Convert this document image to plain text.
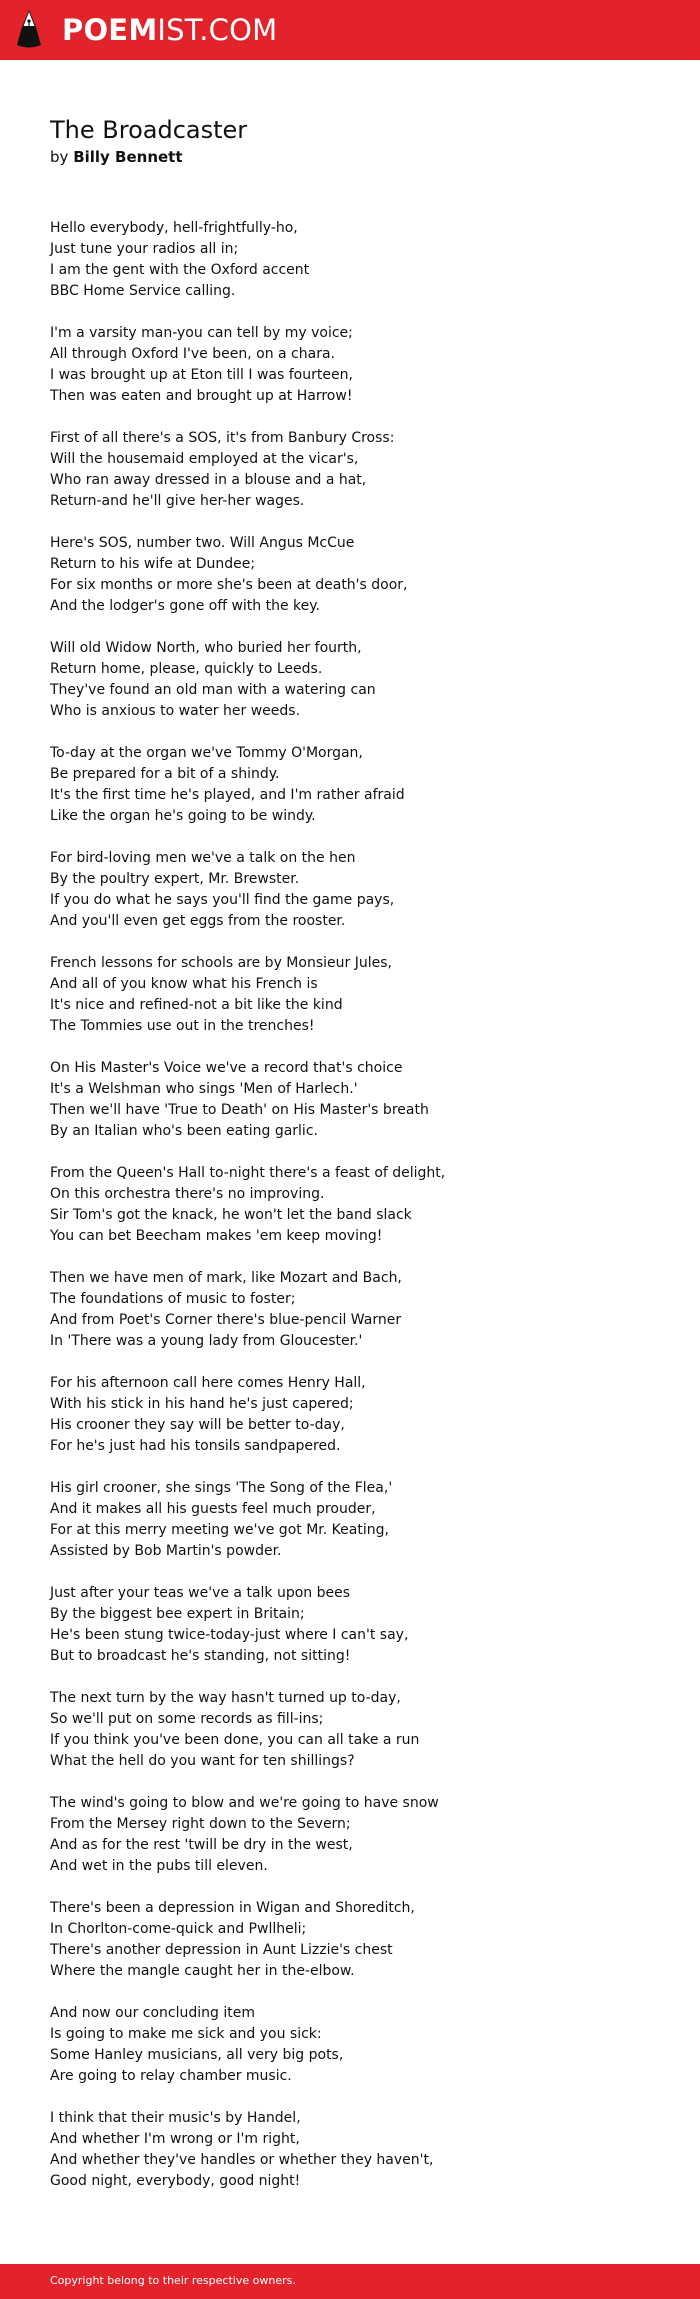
POEMIST.COM
The Broadcaster
by Billy Bennett
Hello everybody, hell-frightfully-ho,
Just tune your radios all in;
I am the gent with the Oxford accent
BBC Home Service calling.
I'm a varsity man-you can tell by my voice;
All through Oxford I've been, on a chara.
I was brought up at Eton till I was fourteen,
Then was eaten and brought up at Harrow!
First of all there's a SOS, it's from Banbury Cross:
Will the housemaid employed at the vicar's,
Who ran away dressed in a blouse and a hat,
Return-and he'll give her-her wages.
Here's SOS, number two. Will Angus McCue
Return to his wife at Dundee;
For six months or more she's been at death's door,
And the lodger's gone off with the key.
Will old Widow North, who buried her fourth,
Return home, please, quickly to Leeds.
They've found an old man with a watering can
Who is anxious to water her weeds.
To-day at the organ we've Tommy O'Morgan,
Be prepared for a bit of a shindy.
It's the first time he's played, and I'm rather afraid
Like the organ he's going to be windy.
For bird-loving men we've a talk on the hen
By the poultry expert, Mr. Brewster.
If you do what he says you'll find the game pays,
And you'll even get eggs from the rooster.
French lessons for schools are by Monsieur Jules,
And all of you know what his French is
It's nice and refined-not a bit like the kind
The Tommies use out in the trenches!
On His Master's Voice we've a record that's choice
It's a Welshman who sings 'Men of Harlech.'
Then we'll have 'True to Death' on His Master's breath
By an Italian who's been eating garlic.
From the Queen's Hall to-night there's a feast of delight,
On this orchestra there's no improving.
Sir Tom's got the knack, he won't let the band slack
You can bet Beecham makes 'em keep moving!
Then we have men of mark, like Mozart and Bach,
The foundations of music to foster;
And from Poet's Corner there's blue-pencil Warner
In 'There was a young lady from Gloucester.'
For his afternoon call here comes Henry Hall,
With his stick in his hand he's just capered;
His crooner they say will be better to-day,
For he's just had his tonsils sandpapered.
His girl crooner, she sings 'The Song of the Flea,'
And it makes all his guests feel much prouder,
For at this merry meeting we've got Mr. Keating,
Assisted by Bob Martin's powder.
Just after your teas we've a talk upon bees
By the biggest bee expert in Britain;
He's been stung twice-today-just where I can't say,
But to broadcast he's standing, not sitting!
The next turn by the way hasn't turned up to-day,
So we'll put on some records as fill-ins;
If you think you've been done, you can all take a run
What the hell do you want for ten shillings?
The wind's going to blow and we're going to have snow
From the Mersey right down to the Severn;
And as for the rest 'twill be dry in the west,
And wet in the pubs till eleven.
There's been a depression in Wigan and Shoreditch,
In Chorlton-come-quick and Pwllheli;
There's another depression in Aunt Lizzie's chest
Where the mangle caught her in the-elbow.
And now our concluding item
Is going to make me sick and you sick:
Some Hanley musicians, all very big pots,
Are going to relay chamber music.
I think that their music's by Handel,
And whether I'm wrong or I'm right,
And whether they've handles or whether they haven't,
Good night, everybody, good night!
Copyright belong to their respective owners.
